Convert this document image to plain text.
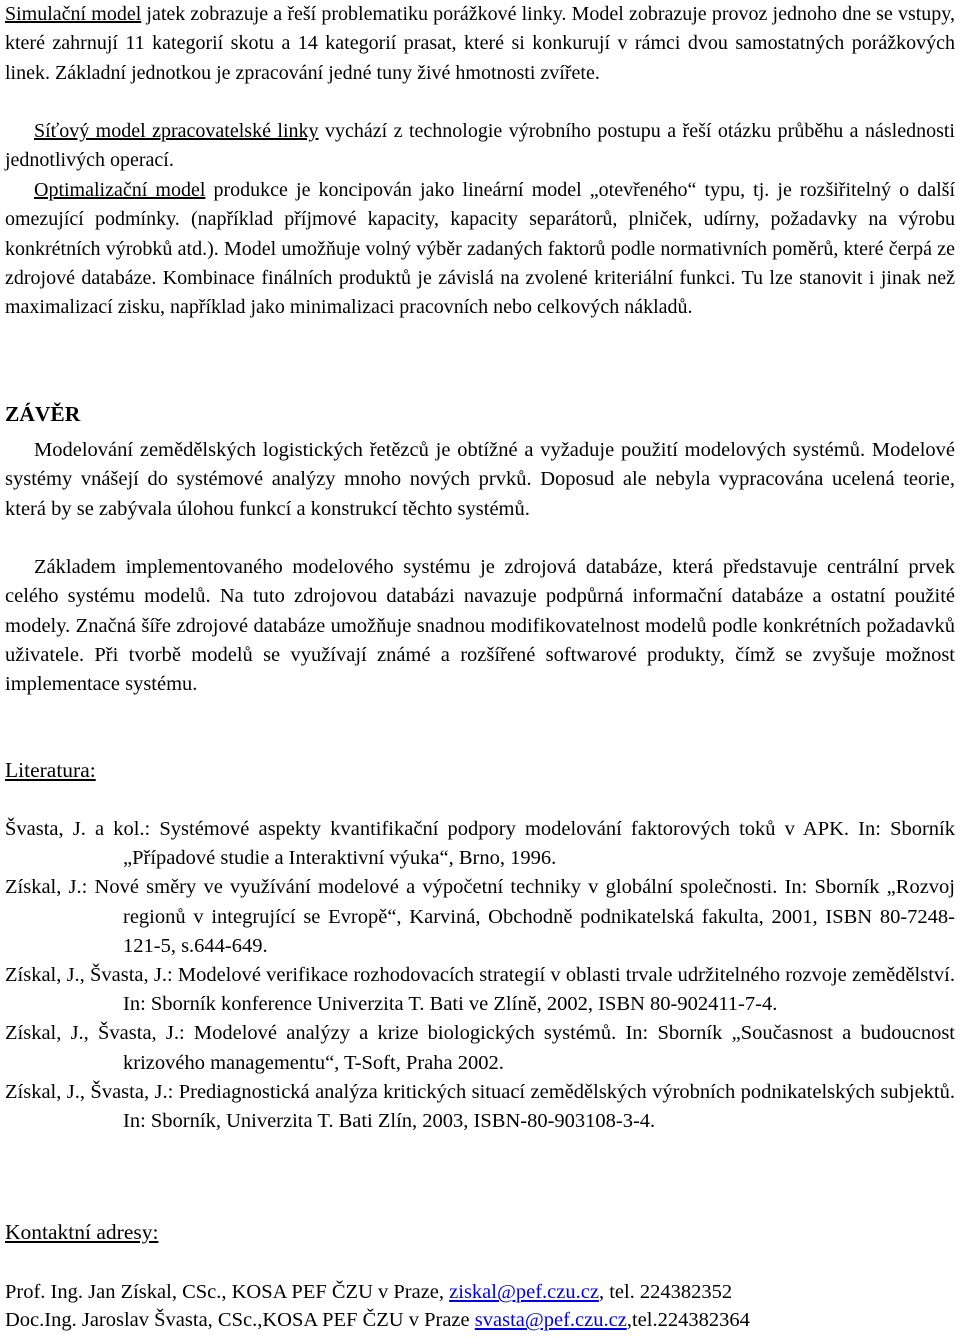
Simulační model jatek zobrazuje a řeší problematiku porážkové linky. Model zobrazuje provoz jednoho dne se vstupy, které zahrnují 11 kategorií skotu a 14 kategorií prasat, které si konkurují v rámci dvou samostatných porážkových linek. Základní jednotkou je zpracování jedné tuny živé hmotnosti zvířete.

Síťový model zpracovatelské linky vychází z technologie výrobního postupu a řeší otázku průběhu a následnosti jednotlivých operací.

Optimalizační model produkce je koncipován jako lineární model „otevřeného“ typu, tj. je rozšiřitelný o další omezující podmínky. (například příjmové kapacity, kapacity separátorů, plniček, udírny, požadavky na výrobu konkrétních výrobků atd.). Model umožňuje volný výběr zadaných faktorů podle normativních poměrů, které čerpá ze zdrojové databáze. Kombinace finálních produktů je závislá na zvolené kriteriální funkci. Tu lze stanovit i jinak než maximalizací zisku, například jako minimalizaci pracovních nebo celkových nákladů.

ZÁVĚR

Modelování zemědělských logistických řetězců je obtížné a vyžaduje použití modelových systémů. Modelové systémy vnášejí do systémové analýzy mnoho nových prvků. Doposud ale nebyla vypracována ucelená teorie, která by se zabývala úlohou funkcí a konstrukcí těchto systémů.

Základem implementovaného modelového systému je zdrojová databáze, která představuje centrální prvek celého systému modelů. Na tuto zdrojovou databázi navazuje podpůrná informační databáze a ostatní použité modely. Značná šíře zdrojové databáze umožňuje snadnou modifikovatelnost modelů podle konkrétních požadavků uživatele. Při tvorbě modelů se využívají známé a rozšířené softwarové produkty, čímž se zvyšuje možnost implementace systému.

Literatura:

Švasta, J. a kol.: Systémové aspekty kvantifikační podpory modelování faktorových toků v APK. In: Sborník „Případové studie a Interaktivní výuka“, Brno, 1996.

Získal, J.: Nové směry ve využívání modelové a výpočetní techniky v globální společnosti. In: Sborník „Rozvoj regionů v integrující se Evropě“, Karviná, Obchodně podnikatelská fakulta, 2001, ISBN 80-7248-121-5, s.644-649.

Získal, J., Švasta, J.: Modelové verifikace rozhodovacích strategií v oblasti trvale udržitelného rozvoje zemědělství. In: Sborník konference Univerzita T. Bati ve Zlíně, 2002, ISBN 80-902411-7-4.

Získal, J., Švasta, J.: Modelové analýzy a krize biologických systémů. In: Sborník „Současnost a budoucnost krizového managementu“, T-Soft, Praha 2002.

Získal, J., Švasta, J.: Prediagnostická analýza kritických situací zemědělských výrobních podnikatelských subjektů. In: Sborník, Univerzita T. Bati Zlín, 2003, ISBN-80-903108-3-4.

Kontaktní adresy:

Prof. Ing. Jan Získal, CSc., KOSA PEF ČZU v Praze, ziskal@pef.czu.cz, tel. 224382352

Doc.Ing. Jaroslav Švasta, CSc.,KOSA PEF ČZU v Praze svasta@pef.czu.cz,tel.224382364
